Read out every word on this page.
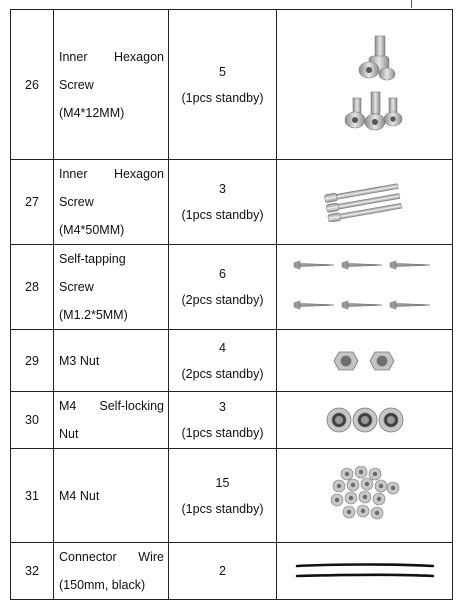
26	Inner Hexagon
Screw
(M4*12MM)	5
(1pcs standby)

27	Inner Hexagon
Screw
(M4*50MM)	3
(1pcs standby)

28	Self-tapping
Screw
(M1.2*5MM)	6
(2pcs standby)

29	M3 Nut	4
(2pcs standby)

30	M4 Self-locking
Nut	3
(1pcs standby)

31	M4 Nut	15
(1pcs standby)

32	Connector Wire
(150mm, black)	2
